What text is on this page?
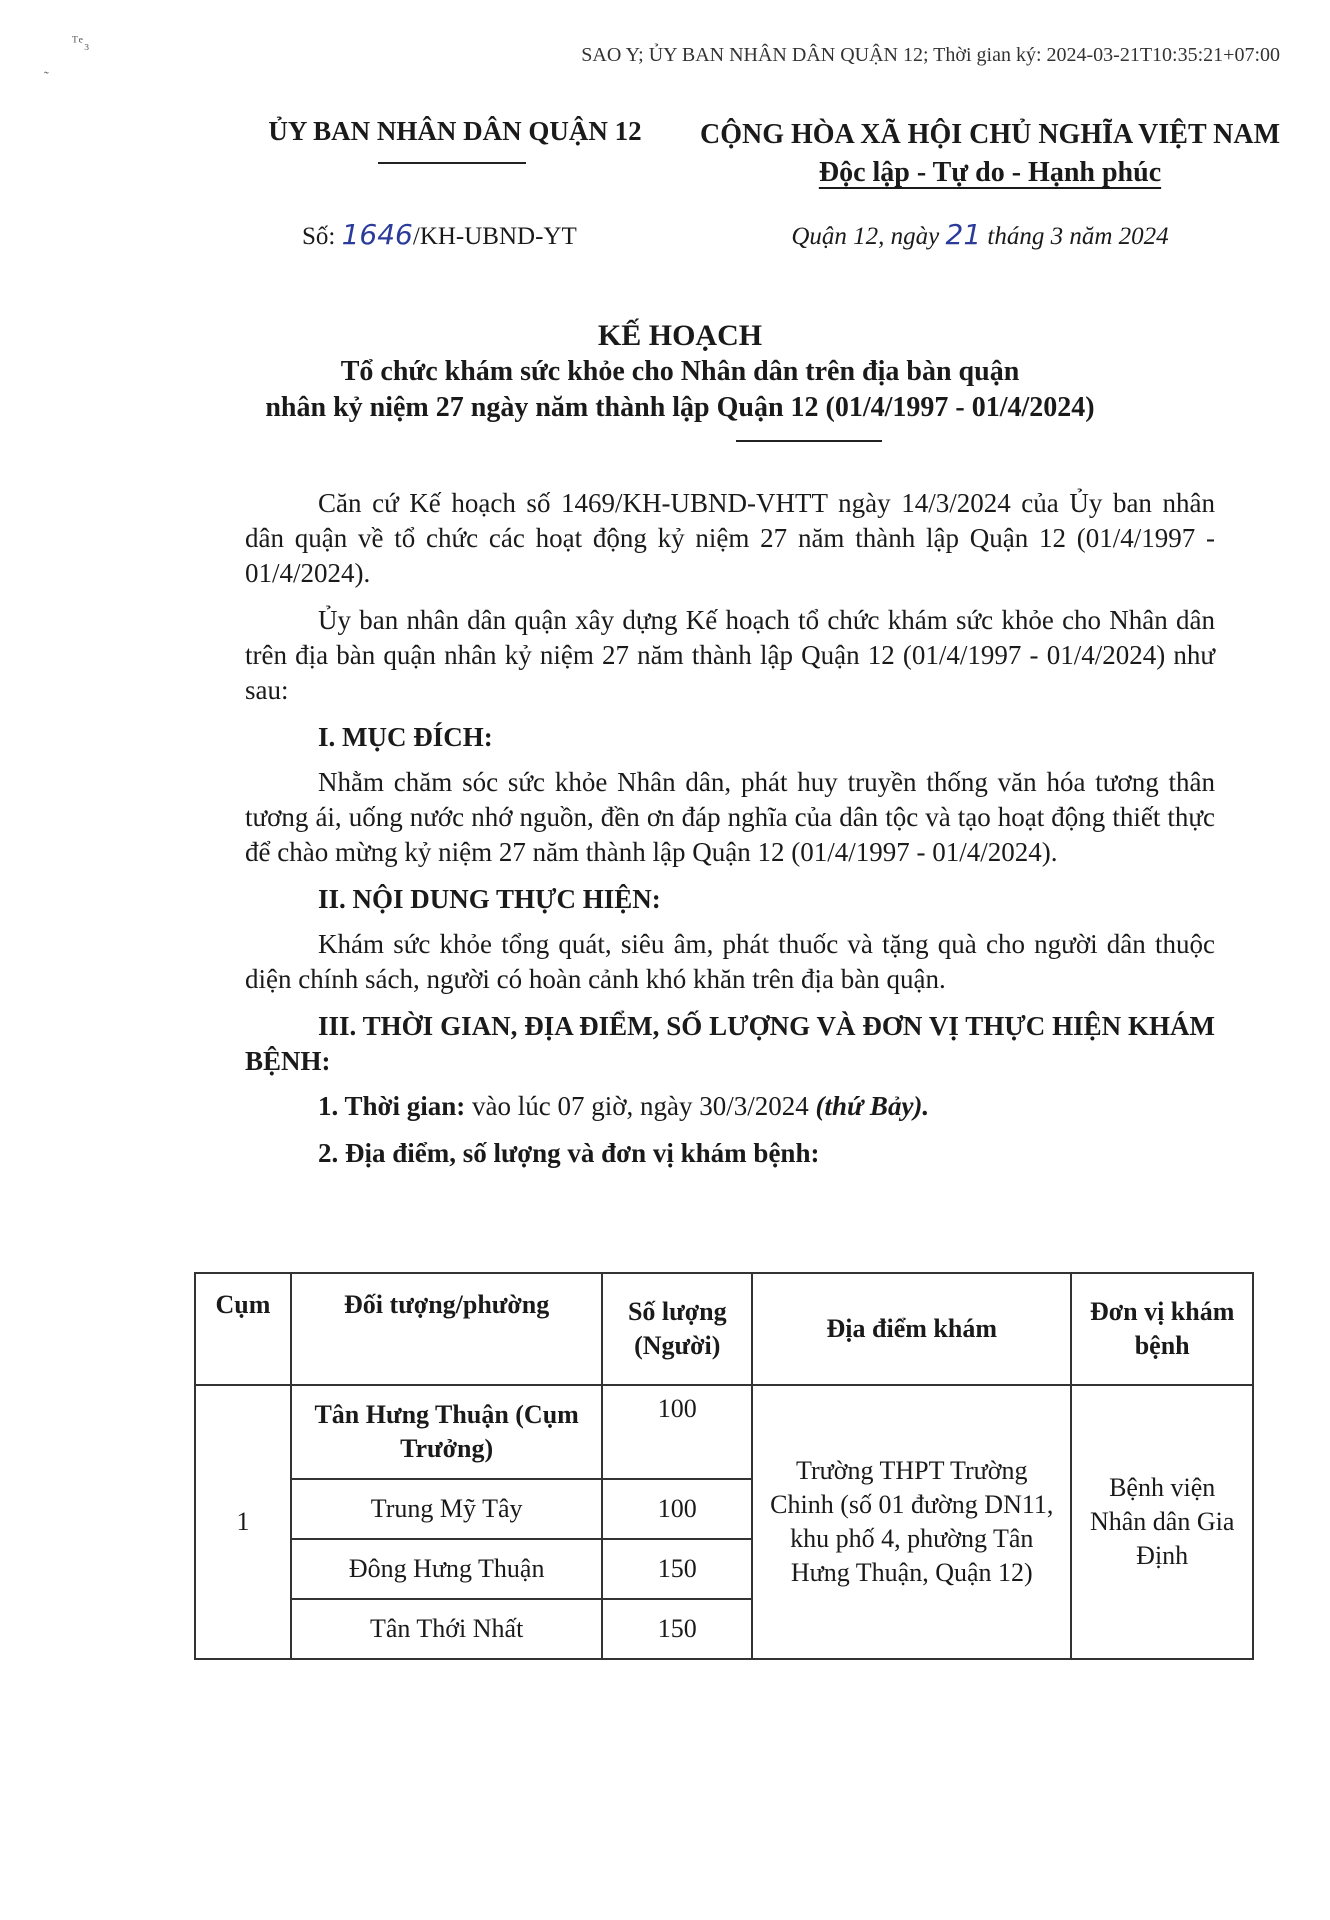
SAO Y; ỦY BAN NHÂN DÂN QUẬN 12; Thời gian ký: 2024-03-21T10:35:21+07:00
ᵀᵉ₃
˜
ỦY BAN NHÂN DÂN QUẬN 12	CỘNG HÒA XÃ HỘI CHỦ NGHĨA VIỆT NAM
Độc lập - Tự do - Hạnh phúc
Số: 1646/KH-UBND-YT	Quận 12, ngày 21 tháng 3 năm 2024
KẾ HOẠCH
Tổ chức khám sức khỏe cho Nhân dân trên địa bàn quận
nhân kỷ niệm 27 ngày năm thành lập Quận 12 (01/4/1997 - 01/4/2024)

Căn cứ Kế hoạch số 1469/KH-UBND-VHTT ngày 14/3/2024 của Ủy ban nhân dân quận về tổ chức các hoạt động kỷ niệm 27 năm thành lập Quận 12 (01/4/1997 - 01/4/2024).

Ủy ban nhân dân quận xây dựng Kế hoạch tổ chức khám sức khỏe cho Nhân dân trên địa bàn quận nhân kỷ niệm 27 năm thành lập Quận 12 (01/4/1997 - 01/4/2024) như sau:

I. MỤC ĐÍCH:

Nhằm chăm sóc sức khỏe Nhân dân, phát huy truyền thống văn hóa tương thân tương ái, uống nước nhớ nguồn, đền ơn đáp nghĩa của dân tộc và tạo hoạt động thiết thực để chào mừng kỷ niệm 27 năm thành lập Quận 12 (01/4/1997 - 01/4/2024).

II. NỘI DUNG THỰC HIỆN:

Khám sức khỏe tổng quát, siêu âm, phát thuốc và tặng quà cho người dân thuộc diện chính sách, người có hoàn cảnh khó khăn trên địa bàn quận.

III. THỜI GIAN, ĐỊA ĐIỂM, SỐ LƯỢNG VÀ ĐƠN VỊ THỰC HIỆN KHÁM BỆNH:

1. Thời gian: vào lúc 07 giờ, ngày 30/3/2024 (thứ Bảy).

2. Địa điểm, số lượng và đơn vị khám bệnh:

Cụm	Đối tượng/phường	Số lượng (Người)	Địa điểm khám	Đơn vị khám bệnh
1	Tân Hưng Thuận (Cụm Trưởng)	100	Trường THPT Trường Chinh (số 01 đường DN11, khu phố 4, phường Tân Hưng Thuận, Quận 12)	Bệnh viện Nhân dân Gia Định
	Trung Mỹ Tây	100		
	Đông Hưng Thuận	150		
	Tân Thới Nhất	150		
